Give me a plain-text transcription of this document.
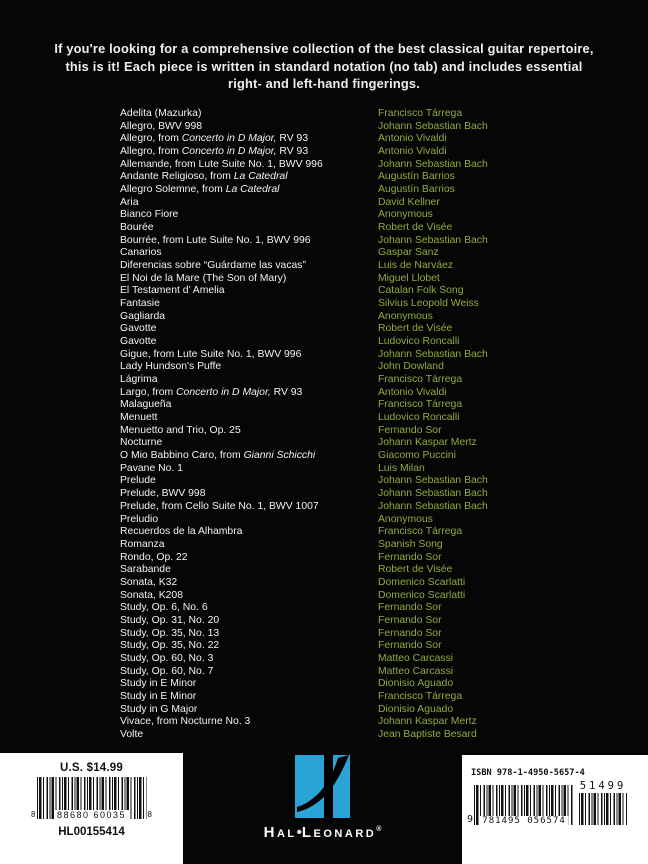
If you're looking for a comprehensive collection of the best classical guitar repertoire,
this is it! Each piece is written in standard notation (no tab) and includes essential
right- and left-hand fingerings.
Adelita (Mazurka)	Francisco Tárrega
Allegro, BWV 998	Johann Sebastian Bach
Allegro, from Concerto in D Major, RV 93	Antonio Vivaldi
Allegro, from Concerto in D Major, RV 93	Antonio Vivaldi
Allemande, from Lute Suite No. 1, BWV 996	Johann Sebastian Bach
Andante Religioso, from La Catedral	Augustín Barrios
Allegro Solemne, from La Catedral	Augustín Barrios
Aria	David Kellner
Bianco Fiore	Anonymous
Bourée	Robert de Visée
Bourrée, from Lute Suite No. 1, BWV 996	Johann Sebastian Bach
Canarios	Gaspar Sanz
Diferencias sobre “Guárdame las vacas”	Luis de Narváez
El Noi de la Mare (The Son of Mary)	Miguel Llobet
El Testament d’ Amelia	Catalan Folk Song
Fantasie	Silvius Leopold Weiss
Gagliarda	Anonymous
Gavotte	Robert de Visée
Gavotte	Ludovico Roncalli
Gigue, from Lute Suite No. 1, BWV 996	Johann Sebastian Bach
Lady Hundson's Puffe	John Dowland
Lágrima	Francisco Tárrega
Largo, from Concerto in D Major, RV 93	Antonio Vivaldi
Malagueña	Francisco Tárrega
Menuett	Ludovico Roncalli
Menuetto and Trio, Op. 25	Fernando Sor
Nocturne	Johann Kaspar Mertz
O Mio Babbino Caro, from Gianni Schicchi	Giacomo Puccini
Pavane No. 1	Luis Milan
Prelude	Johann Sebastian Bach
Prelude, BWV 998	Johann Sebastian Bach
Prelude, from Cello Suite No. 1, BWV 1007	Johann Sebastian Bach
Preludio	Anonymous
Recuerdos de la Alhambra	Francisco Tárrega
Romanza	Spanish Song
Rondo, Op. 22	Fernando Sor
Sarabande	Robert de Visée
Sonata, K32	Domenico Scarlatti
Sonata, K208	Domenico Scarlatti
Study, Op. 6, No. 6	Fernando Sor
Study, Op. 31, No. 20	Fernando Sor
Study, Op. 35, No. 13	Fernando Sor
Study, Op. 35, No. 22	Fernando Sor
Study, Op. 60, No. 3	Matteo Carcassi
Study, Op. 60, No. 7	Matteo Carcassi
Study in E Minor	Dionisio Aguado
Study in E Minor	Francisco Tárrega
Study in G Major	Dionisio Aguado
Vivace, from Nocturne No. 3	Johann Kaspar Mertz
Volte	Jean Baptiste Besard
U.S. $14.99
8	88680 60035	8
HL00155414	Hal•Leonard®
ISBN 978-1-4950-5657-4
9	781495 056574
51499
